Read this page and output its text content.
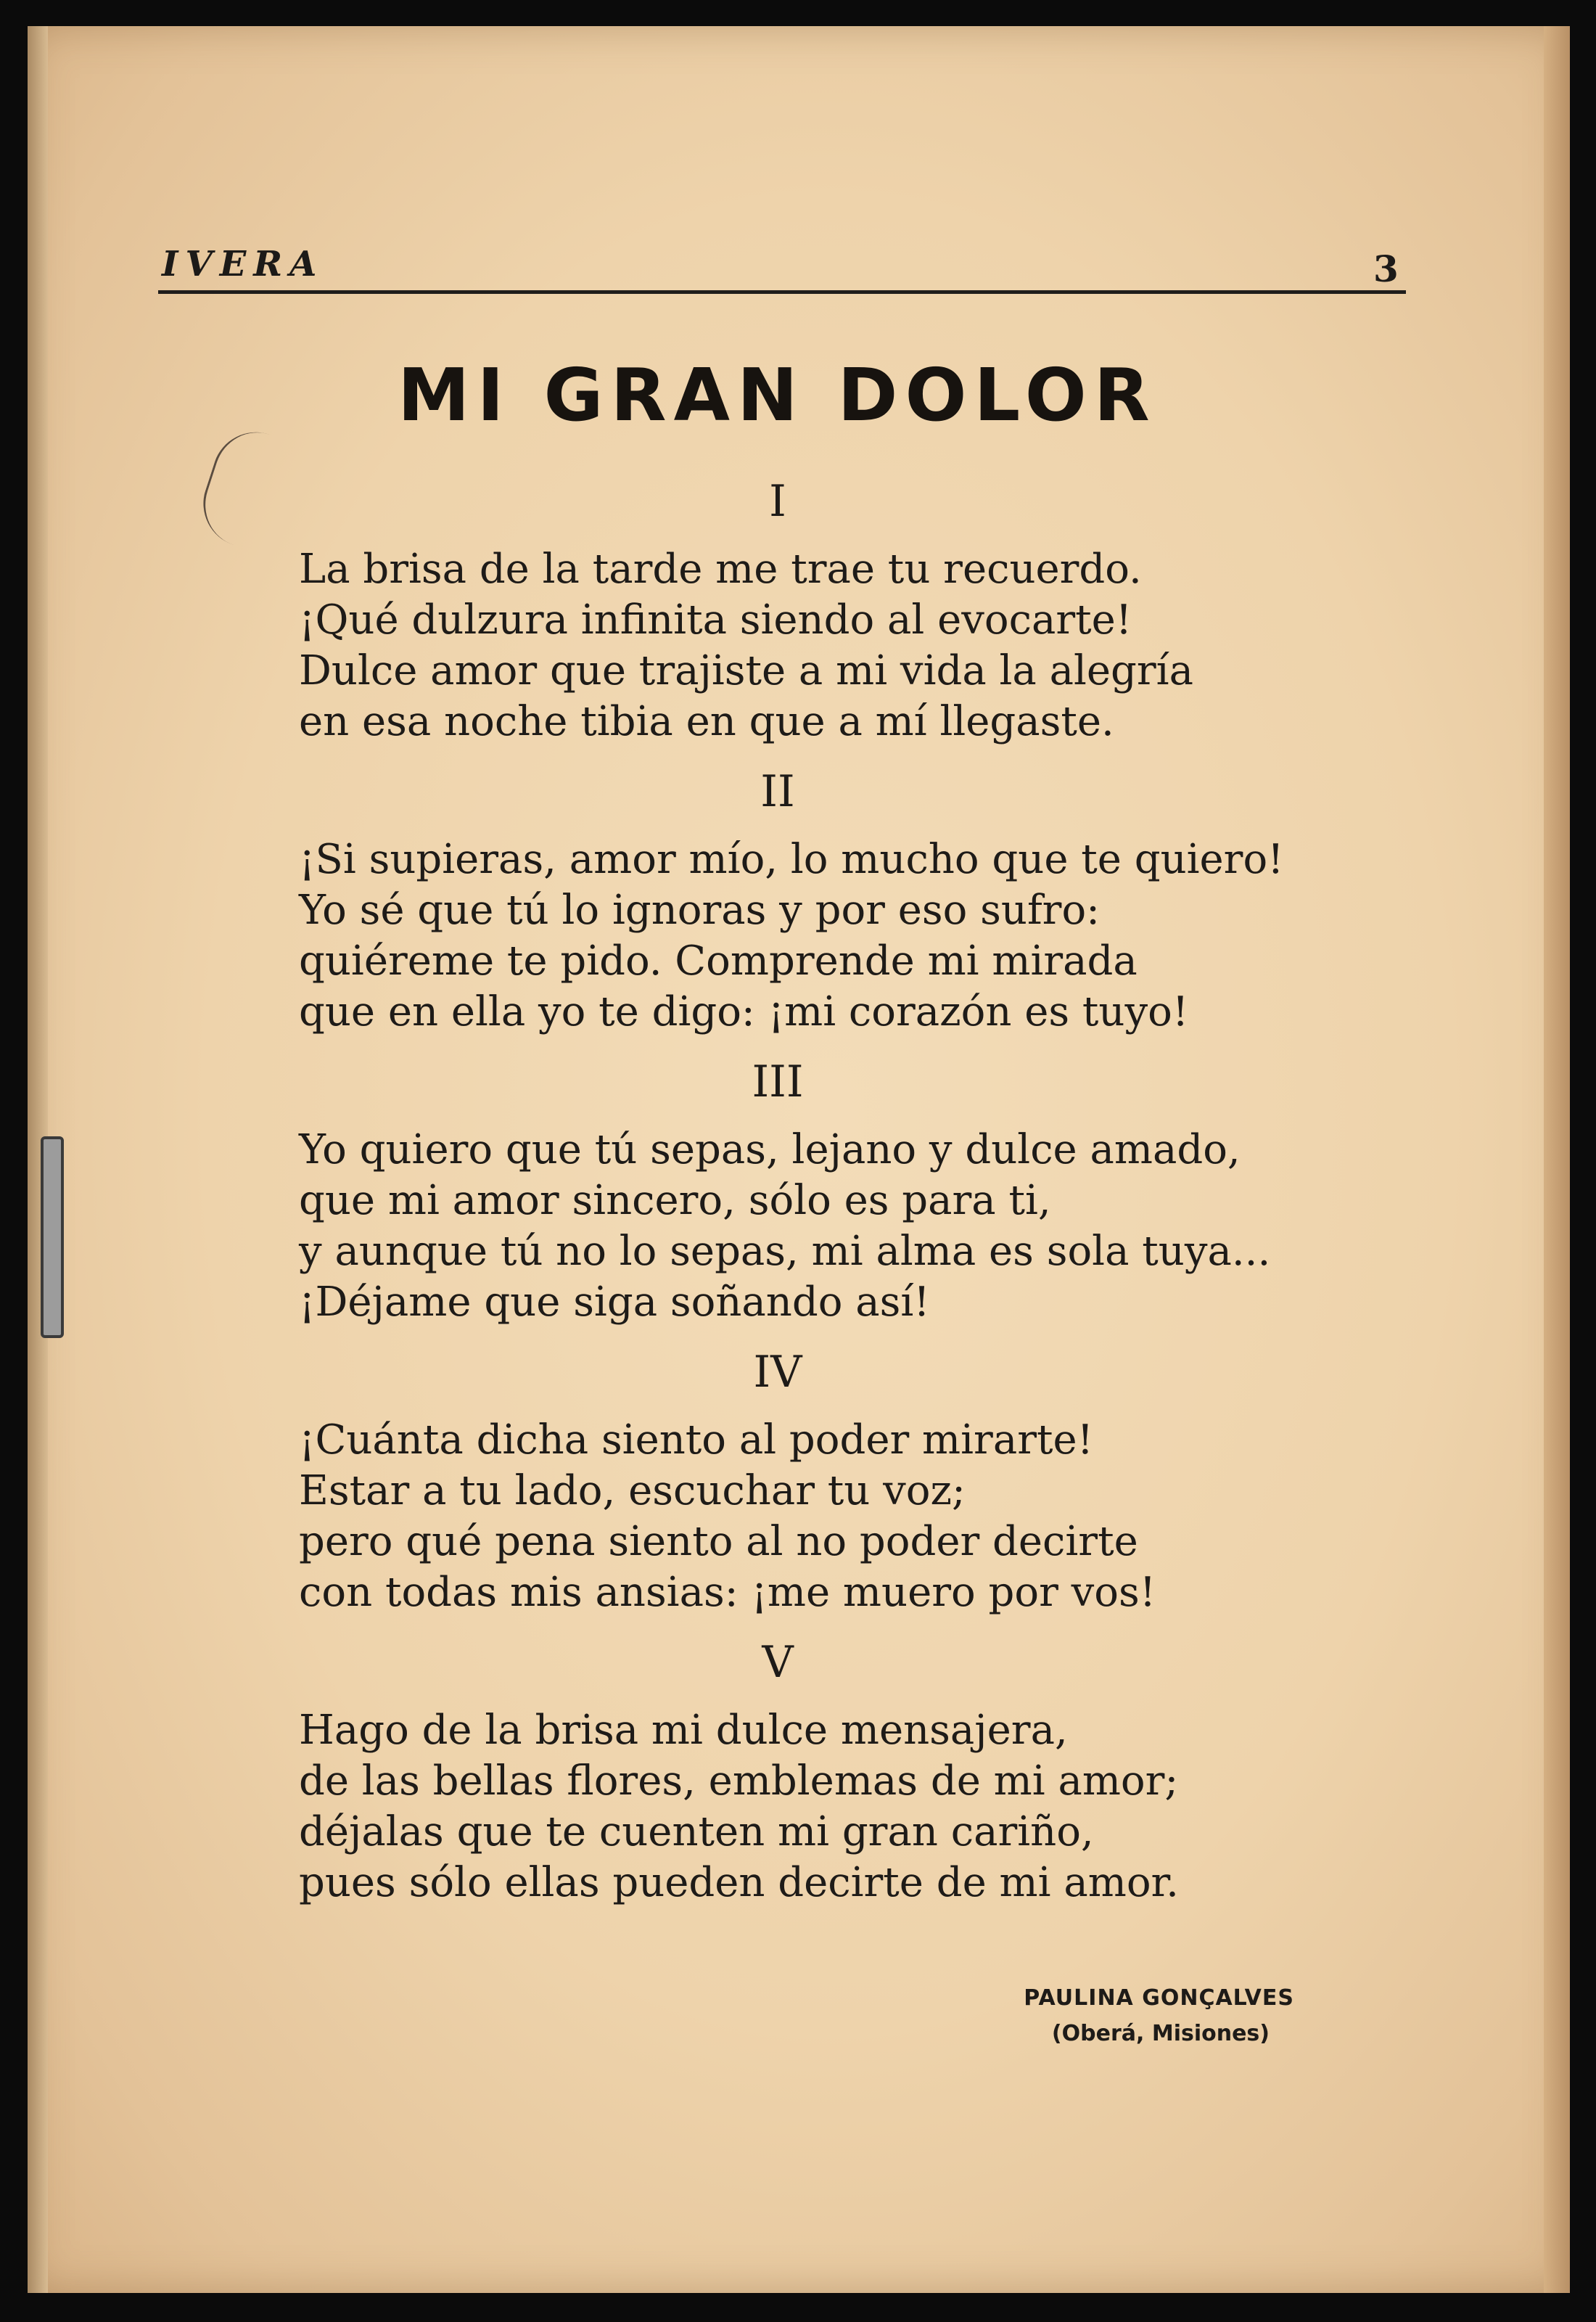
IVERA	3
MI GRAN DOLOR
I
La brisa de la tarde me trae tu recuerdo.
¡Qué dulzura infinita siendo al evocarte!
Dulce amor que trajiste a mi vida la alegría
en esa noche tibia en que a mí llegaste.
II
¡Si supieras, amor mío, lo mucho que te quiero!
Yo sé que tú lo ignoras y por eso sufro:
quiéreme te pido. Comprende mi mirada
que en ella yo te digo: ¡mi corazón es tuyo!
III
Yo quiero que tú sepas, lejano y dulce amado,
que mi amor sincero, sólo es para ti,
y aunque tú no lo sepas, mi alma es sola tuya...
¡Déjame que siga soñando así!
IV
¡Cuánta dicha siento al poder mirarte!
Estar a tu lado, escuchar tu voz;
pero qué pena siento al no poder decirte
con todas mis ansias: ¡me muero por vos!
V
Hago de la brisa mi dulce mensajera,
de las bellas flores, emblemas de mi amor;
déjalas que te cuenten mi gran cariño,
pues sólo ellas pueden decirte de mi amor.
PAULINA GONÇALVES
(Oberá, Misiones)
